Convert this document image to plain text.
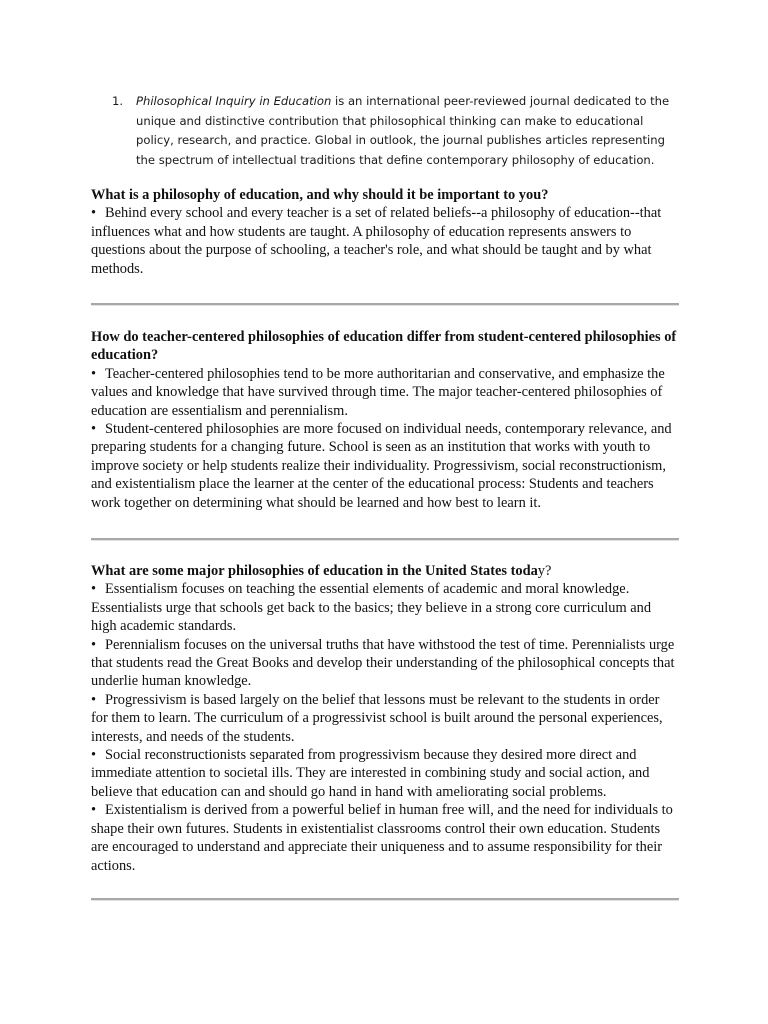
1. Philosophical Inquiry in Education is an international peer-reviewed journal dedicated to the unique and distinctive contribution that philosophical thinking can make to educational policy, research, and practice. Global in outlook, the journal publishes articles representing the spectrum of intellectual traditions that define contemporary philosophy of education.

What is a philosophy of education, and why should it be important to you?

• Behind every school and every teacher is a set of related beliefs--a philosophy of education--that influences what and how students are taught. A philosophy of education represents answers to questions about the purpose of schooling, a teacher's role, and what should be taught and by what methods.

How do teacher-centered philosophies of education differ from student-centered philosophies of education?

• Teacher-centered philosophies tend to be more authoritarian and conservative, and emphasize the values and knowledge that have survived through time. The major teacher-centered philosophies of education are essentialism and perennialism.

• Student-centered philosophies are more focused on individual needs, contemporary relevance, and preparing students for a changing future. School is seen as an institution that works with youth to improve society or help students realize their individuality. Progressivism, social reconstructionism, and existentialism place the learner at the center of the educational process: Students and teachers work together on determining what should be learned and how best to learn it.

What are some major philosophies of education in the United States today?

• Essentialism focuses on teaching the essential elements of academic and moral knowledge. Essentialists urge that schools get back to the basics; they believe in a strong core curriculum and high academic standards.

• Perennialism focuses on the universal truths that have withstood the test of time. Perennialists urge that students read the Great Books and develop their understanding of the philosophical concepts that underlie human knowledge.

• Progressivism is based largely on the belief that lessons must be relevant to the students in order for them to learn. The curriculum of a progressivist school is built around the personal experiences, interests, and needs of the students.

• Social reconstructionists separated from progressivism because they desired more direct and immediate attention to societal ills. They are interested in combining study and social action, and believe that education can and should go hand in hand with ameliorating social problems.

• Existentialism is derived from a powerful belief in human free will, and the need for individuals to shape their own futures. Students in existentialist classrooms control their own education. Students are encouraged to understand and appreciate their uniqueness and to assume responsibility for their actions.
